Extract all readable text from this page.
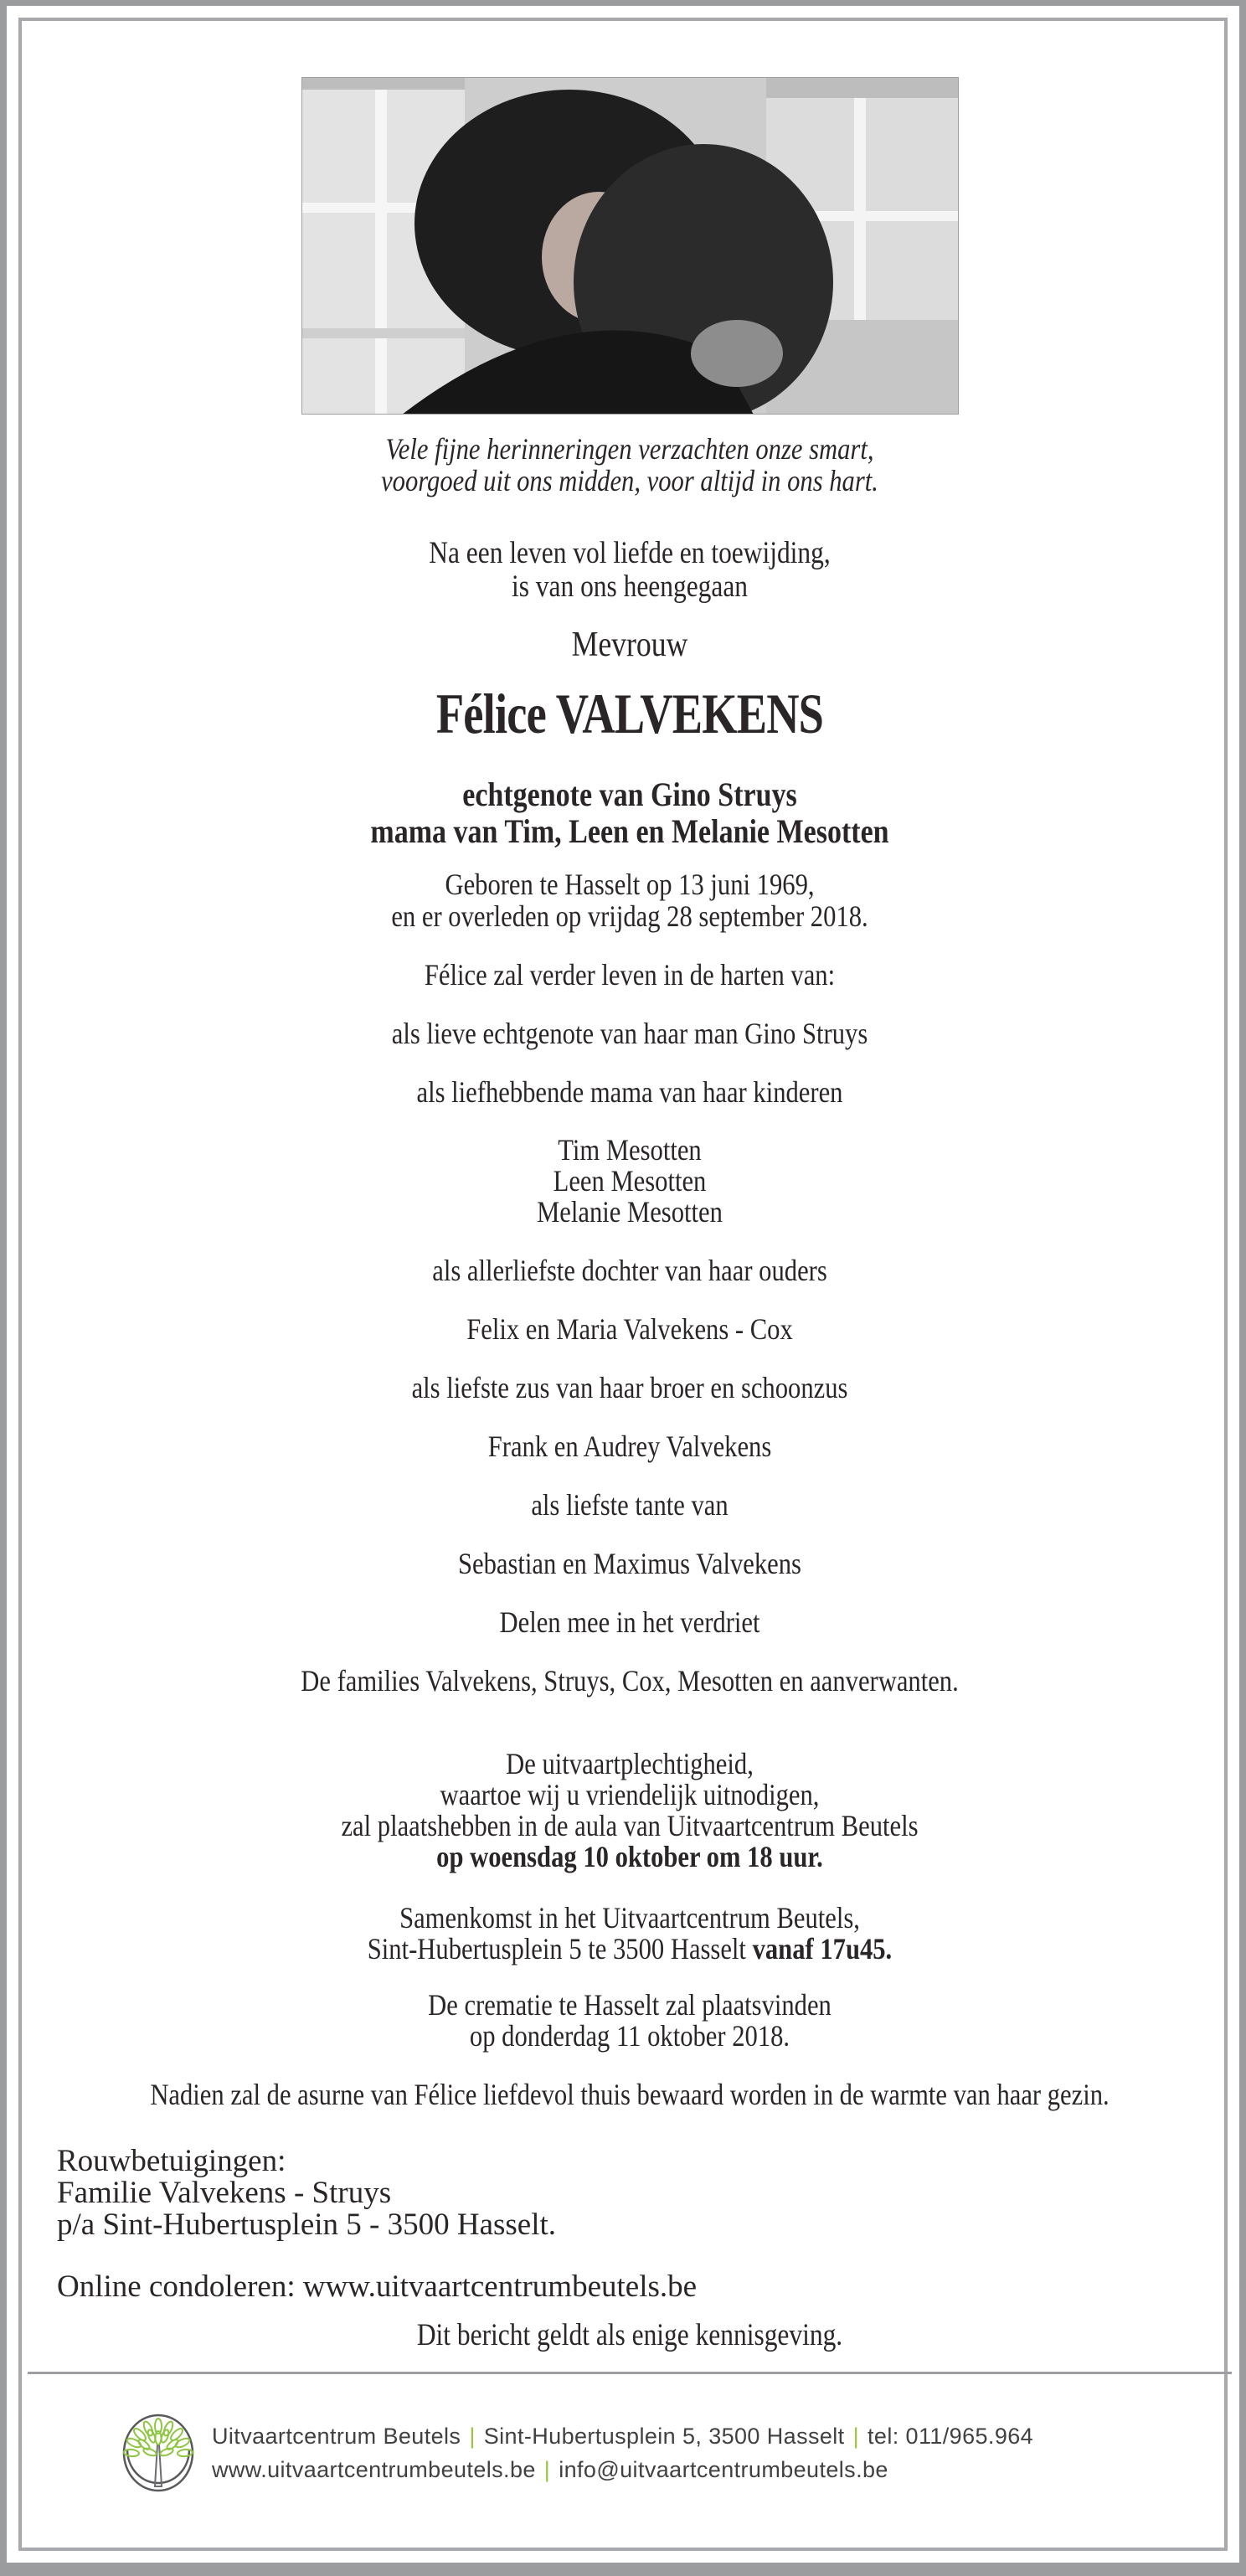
Vele fijne herinneringen verzachten onze smart,
voorgoed uit ons midden, voor altijd in ons hart.
Na een leven vol liefde en toewijding,
is van ons heengegaan
Mevrouw
Félice VALVEKENS
echtgenote van Gino Struys
mama van Tim, Leen en Melanie Mesotten
Geboren te Hasselt op 13 juni 1969,
en er overleden op vrijdag 28 september 2018.
Félice zal verder leven in de harten van:
als lieve echtgenote van haar man Gino Struys
als liefhebbende mama van haar kinderen
Tim Mesotten
Leen Mesotten
Melanie Mesotten
als allerliefste dochter van haar ouders
Felix en Maria Valvekens - Cox
als liefste zus van haar broer en schoonzus
Frank en Audrey Valvekens
als liefste tante van
Sebastian en Maximus Valvekens
Delen mee in het verdriet
De families Valvekens, Struys, Cox, Mesotten en aanverwanten.
De uitvaartplechtigheid,
waartoe wij u vriendelijk uitnodigen,
zal plaatshebben in de aula van Uitvaartcentrum Beutels
op woensdag 10 oktober om 18 uur.
Samenkomst in het Uitvaartcentrum Beutels,
Sint-Hubertusplein 5 te 3500 Hasselt vanaf 17u45.
De crematie te Hasselt zal plaatsvinden
op donderdag 11 oktober 2018.
Nadien zal de asurne van Félice liefdevol thuis bewaard worden in de warmte van haar gezin.
Rouwbetuigingen:
Familie Valvekens - Struys
p/a Sint-Hubertusplein 5 - 3500 Hasselt.
Online condoleren: www.uitvaartcentrumbeutels.be
Dit bericht geldt als enige kennisgeving.
Uitvaartcentrum Beutels | Sint-Hubertusplein 5, 3500 Hasselt | tel: 011/965.964
www.uitvaartcentrumbeutels.be | info@uitvaartcentrumbeutels.be
